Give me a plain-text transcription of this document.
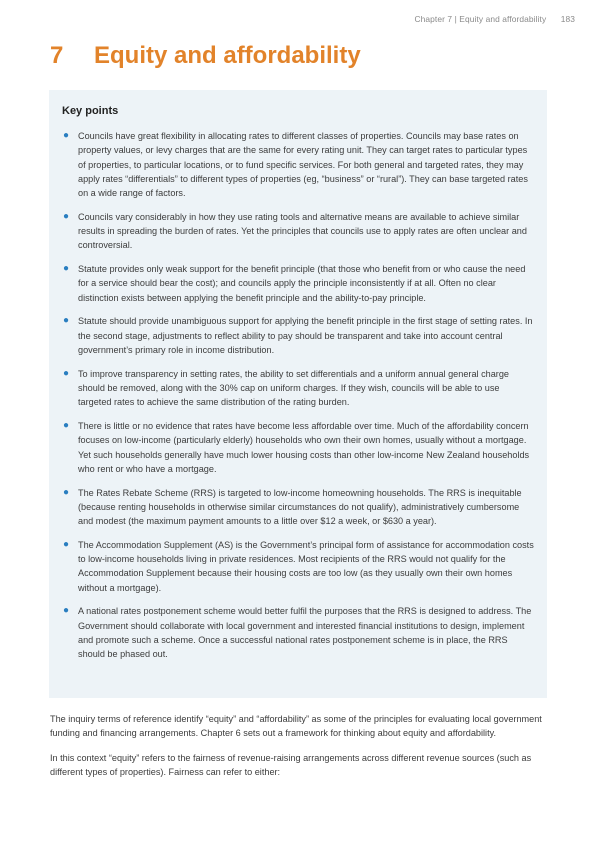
Chapter 7 | Equity and affordability 183
7 Equity and affordability
Key points
● Councils have great flexibility in allocating rates to different classes of properties. Councils may base rates on property values, or levy charges that are the same for every rating unit. They can target rates to particular types of properties, to particular locations, or to fund specific services. For both general and targeted rates, they may apply rates “differentials” to different types of properties (eg, “business” or “rural”). They can base targeted rates on a wide range of factors.
● Councils vary considerably in how they use rating tools and alternative means are available to achieve similar results in spreading the burden of rates. Yet the principles that councils use to apply rates are often unclear and controversial.
● Statute provides only weak support for the benefit principle (that those who benefit from or who cause the need for a service should bear the cost); and councils apply the principle inconsistently if at all. Often no clear distinction exists between applying the benefit principle and the ability-to-pay principle.
● Statute should provide unambiguous support for applying the benefit principle in the first stage of setting rates. In the second stage, adjustments to reflect ability to pay should be transparent and take into account central government’s primary role in income distribution.
● To improve transparency in setting rates, the ability to set differentials and a uniform annual general charge should be removed, along with the 30% cap on uniform charges. If they wish, councils will be able to use targeted rates to achieve the same distribution of the rating burden.
● There is little or no evidence that rates have become less affordable over time. Much of the affordability concern focuses on low-income (particularly elderly) households who own their own homes, usually without a mortgage. Yet such households generally have much lower housing costs than other low-income New Zealand households who rent or who have a mortgage.
● The Rates Rebate Scheme (RRS) is targeted to low-income homeowning households. The RRS is inequitable (because renting households in otherwise similar circumstances do not qualify), administratively cumbersome and modest (the maximum payment amounts to a little over $12 a week, or $630 a year).
● The Accommodation Supplement (AS) is the Government’s principal form of assistance for accommodation costs to low-income households living in private residences. Most recipients of the RRS would not qualify for the Accommodation Supplement because their housing costs are too low (as they usually own their own homes without a mortgage).
● A national rates postponement scheme would better fulfil the purposes that the RRS is designed to address. The Government should collaborate with local government and interested financial institutions to design, implement and promote such a scheme. Once a successful national rates postponement scheme is in place, the RRS should be phased out.

The inquiry terms of reference identify “equity” and “affordability” as some of the principles for evaluating local government funding and financing arrangements. Chapter 6 sets out a framework for thinking about equity and affordability.

In this context “equity” refers to the fairness of revenue-raising arrangements across different revenue sources (such as different types of properties). Fairness can refer to either:
